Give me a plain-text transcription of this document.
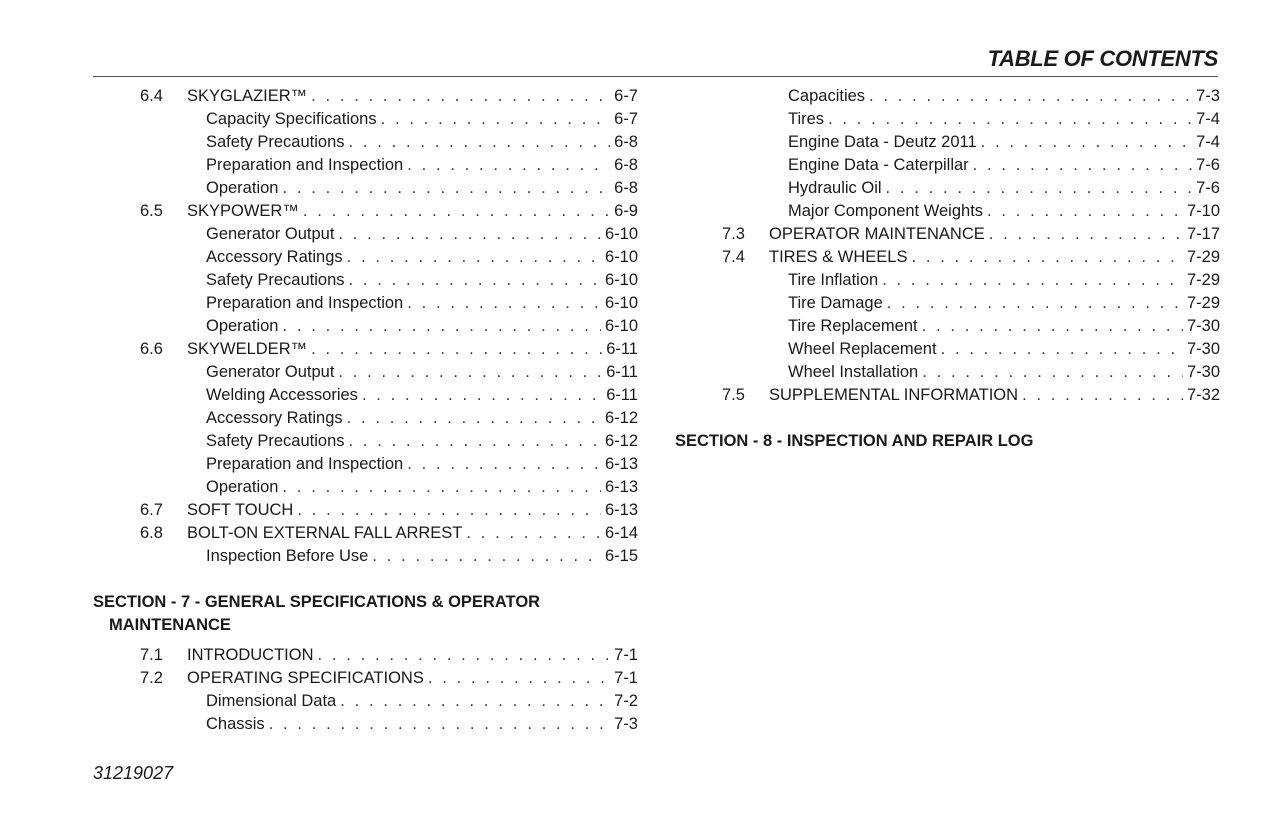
TABLE OF CONTENTS
6.4	SKYGLAZIER™ . . .	6-7
Capacity Specifications . . .	6-7
Safety Precautions . . .	6-8
Preparation and Inspection . . .	6-8
Operation . . .	6-8
6.5	SKYPOWER™ . . .	6-9
Generator Output . . .	6-10
Accessory Ratings . . .	6-10
Safety Precautions . . .	6-10
Preparation and Inspection . . .	6-10
Operation . . .	6-10
6.6	SKYWELDER™ . . .	6-11
Generator Output . . .	6-11
Welding Accessories . . .	6-11
Accessory Ratings . . .	6-12
Safety Precautions . . .	6-12
Preparation and Inspection . . .	6-13
Operation . . .	6-13
6.7	SOFT TOUCH . . .	6-13
6.8	BOLT-ON EXTERNAL FALL ARREST . . .	6-14
Inspection Before Use . . .	6-15
SECTION - 7 - GENERAL SPECIFICATIONS & OPERATOR
MAINTENANCE
7.1	INTRODUCTION . . .	7-1
7.2	OPERATING SPECIFICATIONS . . .	7-1
Dimensional Data . . .	7-2
Chassis . . .	7-3
Capacities . . .	7-3
Tires . . .	7-4
Engine Data - Deutz 2011 . . .	7-4
Engine Data - Caterpillar . . .	7-6
Hydraulic Oil . . .	7-6
Major Component Weights . . .	7-10
7.3	OPERATOR MAINTENANCE . . .	7-17
7.4	TIRES & WHEELS . . .	7-29
Tire Inflation . . .	7-29
Tire Damage . . .	7-29
Tire Replacement . . .	7-30
Wheel Replacement . . .	7-30
Wheel Installation . . .	7-30
7.5	SUPPLEMENTAL INFORMATION . . .	7-32
SECTION - 8 - INSPECTION AND REPAIR LOG
31219027
